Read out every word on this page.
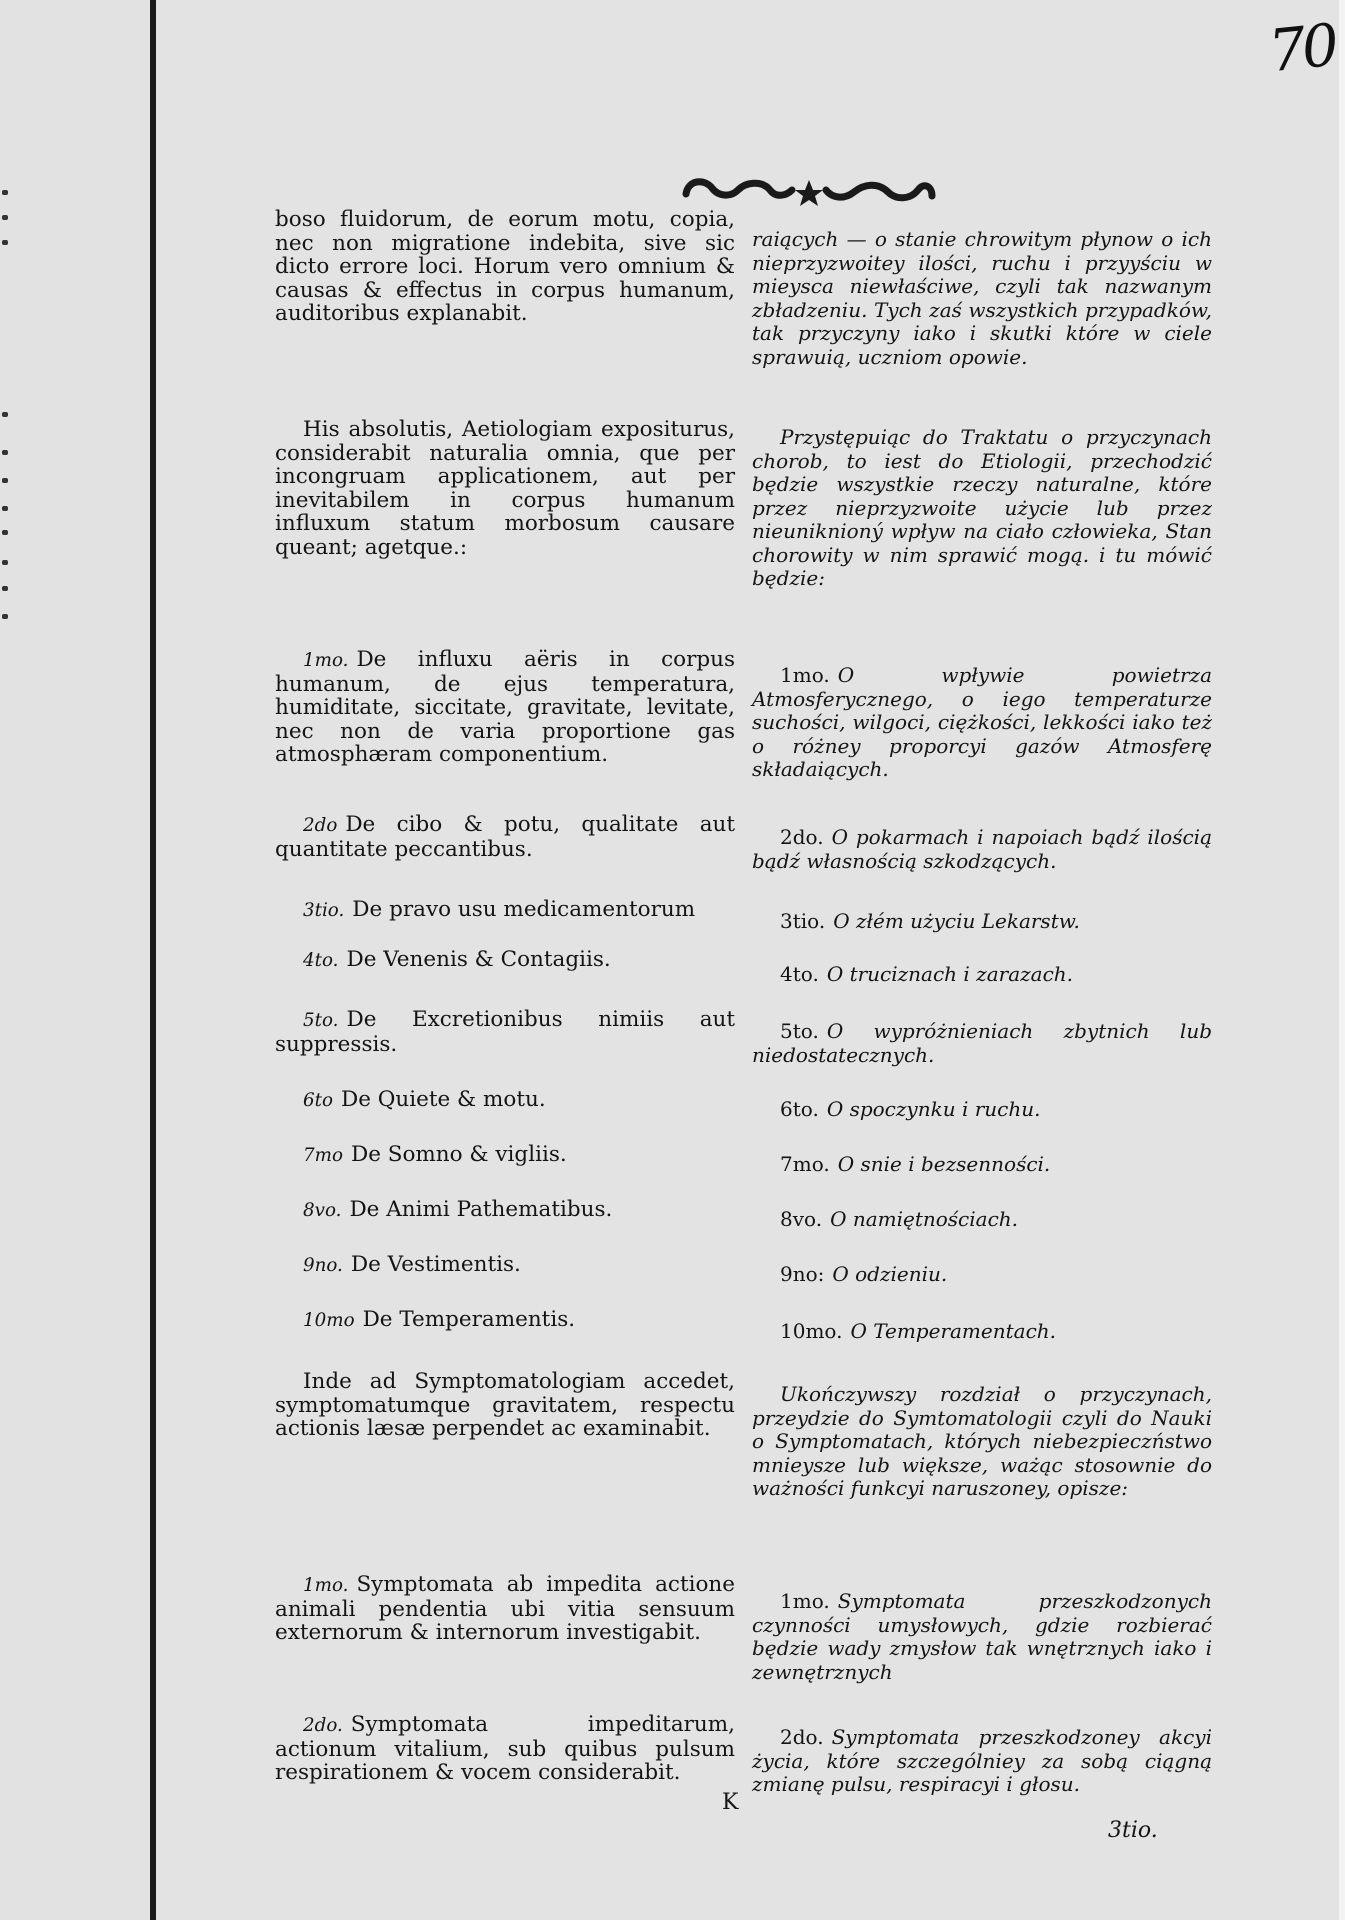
70

boso fluidorum, de eorum motu, copia, nec non migratione indebita, sive sic dicto errore loci. Horum vero omnium & causas & effectus in corpus humanum, auditoribus explanabit.

His absolutis, Aetiologiam expositurus, considerabit naturalia omnia, que per incongruam applicationem, aut per inevitabilem in corpus humanum influxum statum morbosum causare queant; agetque.:

1mo. De influxu aëris in corpus humanum, de ejus temperatura, humiditate, siccitate, gravitate, levitate, nec non de varia proportione gas atmosphæram componentium.

2do De cibo & potu, qualitate aut quantitate peccantibus.

3tio. De pravo usu medicamentorum

4to. De Venenis & Contagiis.

5to. De Excretionibus nimiis aut suppressis.

6to De Quiete & motu.

7mo De Somno & vigliis.

8vo. De Animi Pathematibus.

9no. De Vestimentis.

10mo De Temperamentis.

Inde ad Symptomatologiam accedet, symptomatumque gravitatem, respectu actionis læsæ perpendet ac examinabit.

1mo. Symptomata ab impedita actione animali pendentia ubi vitia sensuum externorum & internorum investigabit.

2do. Symptomata impeditarum, actionum vitalium, sub quibus pulsum respirationem & vocem considerabit.

raiących — o stanie chrowitym płynow o ich nieprzyzwoitey ilości, ruchu i przyyściu w mieysca niewłaściwe, czyli tak nazwanym zbładzeniu. Tych zaś wszystkich przypadków, tak przyczyny iako i skutki które w ciele sprawuią, uczniom opowie.

Przystępuiąc do Traktatu o przyczynach chorob, to iest do Etiologii, przechodzić będzie wszystkie rzeczy naturalne, które przez nieprzyzwoite użycie lub przez nieuniknioný wpływ na ciało człowieka, Stan chorowity w nim sprawić mogą. i tu mówić będzie:

1mo. O wpływie powietrza Atmosferycznego, o iego temperaturze suchości, wilgoci, ciężkości, lekkości iako też o różney proporcyi gazów Atmosferę składaiących.

2do. O pokarmach i napoiach bądź ilością bądź własnością szkodzących.

3tio. O złém użyciu Lekarstw.

4to. O truciznach i zarazach.

5to. O wypróżnieniach zbytnich lub niedostatecznych.

6to. O spoczynku i ruchu.

7mo. O snie i bezsenności.

8vo. O namiętnościach.

9no: O odzieniu.

10mo. O Temperamentach.

Ukończywszy rozdział o przyczynach, przeydzie do Symtomatologii czyli do Nauki o Symptomatach, których niebezpieczństwo mnieysze lub większe, ważąc stosownie do ważności funkcyi naruszoney, opisze:

1mo. Symptomata przeszkodzonych czynności umysłowych, gdzie rozbierać będzie wady zmysłow tak wnętrznych iako i zewnętrznych

2do. Symptomata przeszkodzoney akcyi życia, które szczególniey za sobą ciągną zmianę pulsu, respiracyi i głosu.

K
3tio.
